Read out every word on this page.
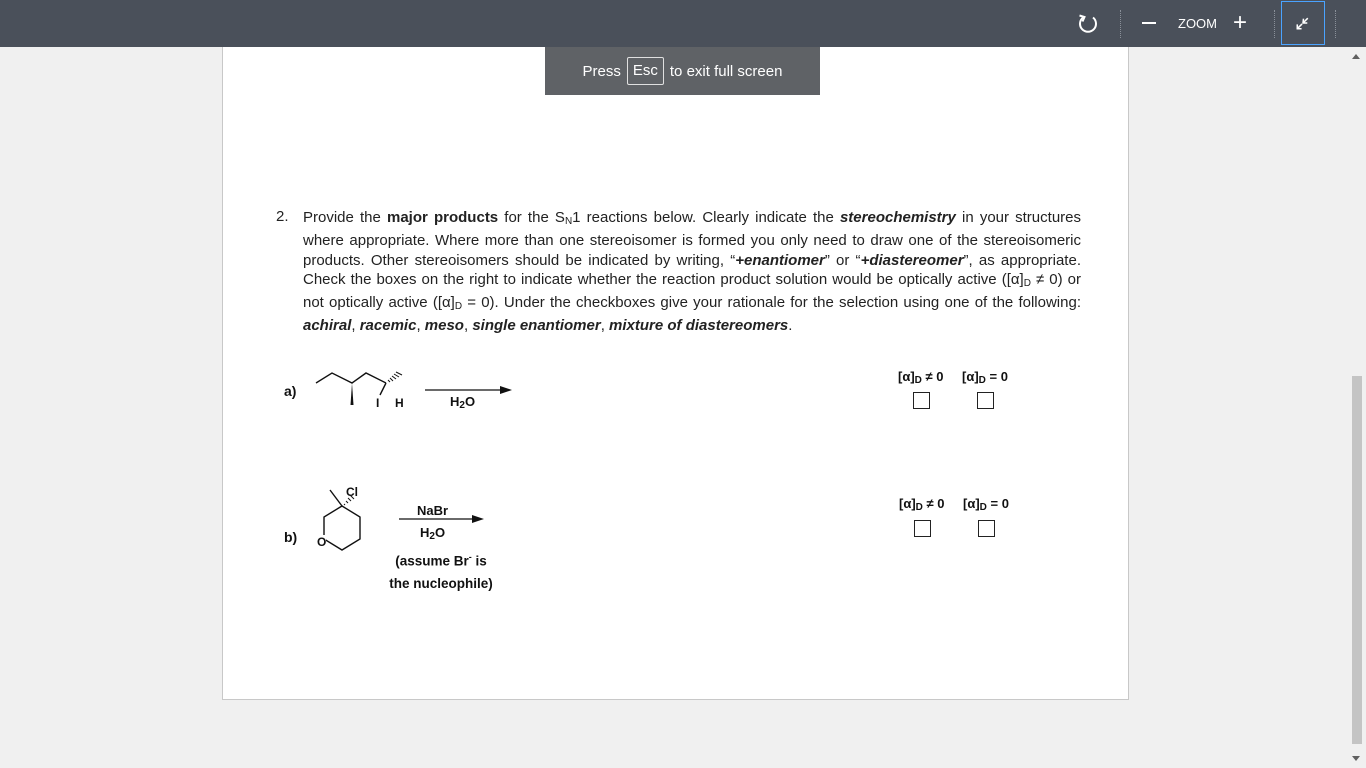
ZOOM +
Press Esc to exit full screen
2. Provide the major products for the $S_N1$ reactions below. Clearly indicate the stereochemistry in your structures where appropriate. Where more than one stereoisomer is formed you only need to draw one of the stereoisomeric products. Other stereoisomers should be indicated by writing, “+enantiomer” or “+diastereomer”, as appropriate. Check the boxes on the right to indicate whether the reaction product solution would be optically active $([\alpha]_D \ne 0)$ or not optically active $([\alpha]_D = 0)$. Under the checkboxes give your rationale for the selection using one of the following: achiral, racemic, meso, single enantiomer, mixture of diastereomers.
a)
I H	$H_2O$
$[\alpha]_D \ne 0$ $[\alpha]_D = 0$
b)
Cl
O
NaBr
$H_2O$
(assume Br- is
the nucleophile)
$[\alpha]_D \ne 0$ $[\alpha]_D = 0$
